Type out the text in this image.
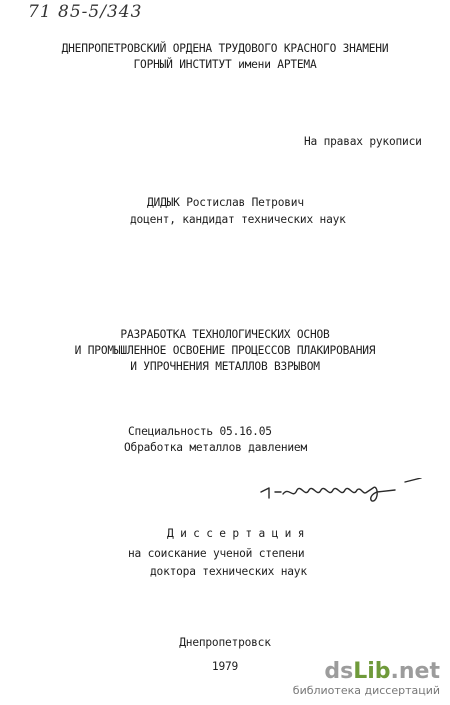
71 85-5/343
ДНЕПРОПЕТРОВСКИЙ ОРДЕНА ТРУДОВОГО КРАСНОГО ЗНАМЕНИ
ГОРНЫЙ ИНСТИТУТ имени АРТЕМА
На правах рукописи
ДИДЫК Ростислав Петрович
доцент, кандидат технических наук
РАЗРАБОТКА ТЕХНОЛОГИЧЕСКИХ ОСНОВ
И ПРОМЫШЛЕННОЕ ОСВОЕНИЕ ПРОЦЕССОВ ПЛАКИРОВАНИЯ
И УПРОЧНЕНИЯ МЕТАЛЛОВ ВЗРЫВОМ
Специальность 05.16.05
Обработка металлов давлением
Д и с с е р т а ц и я
на соискание ученой степени
доктора технических наук
Днепропетровск
1979	dsLib.net
библиотека диссертаций
